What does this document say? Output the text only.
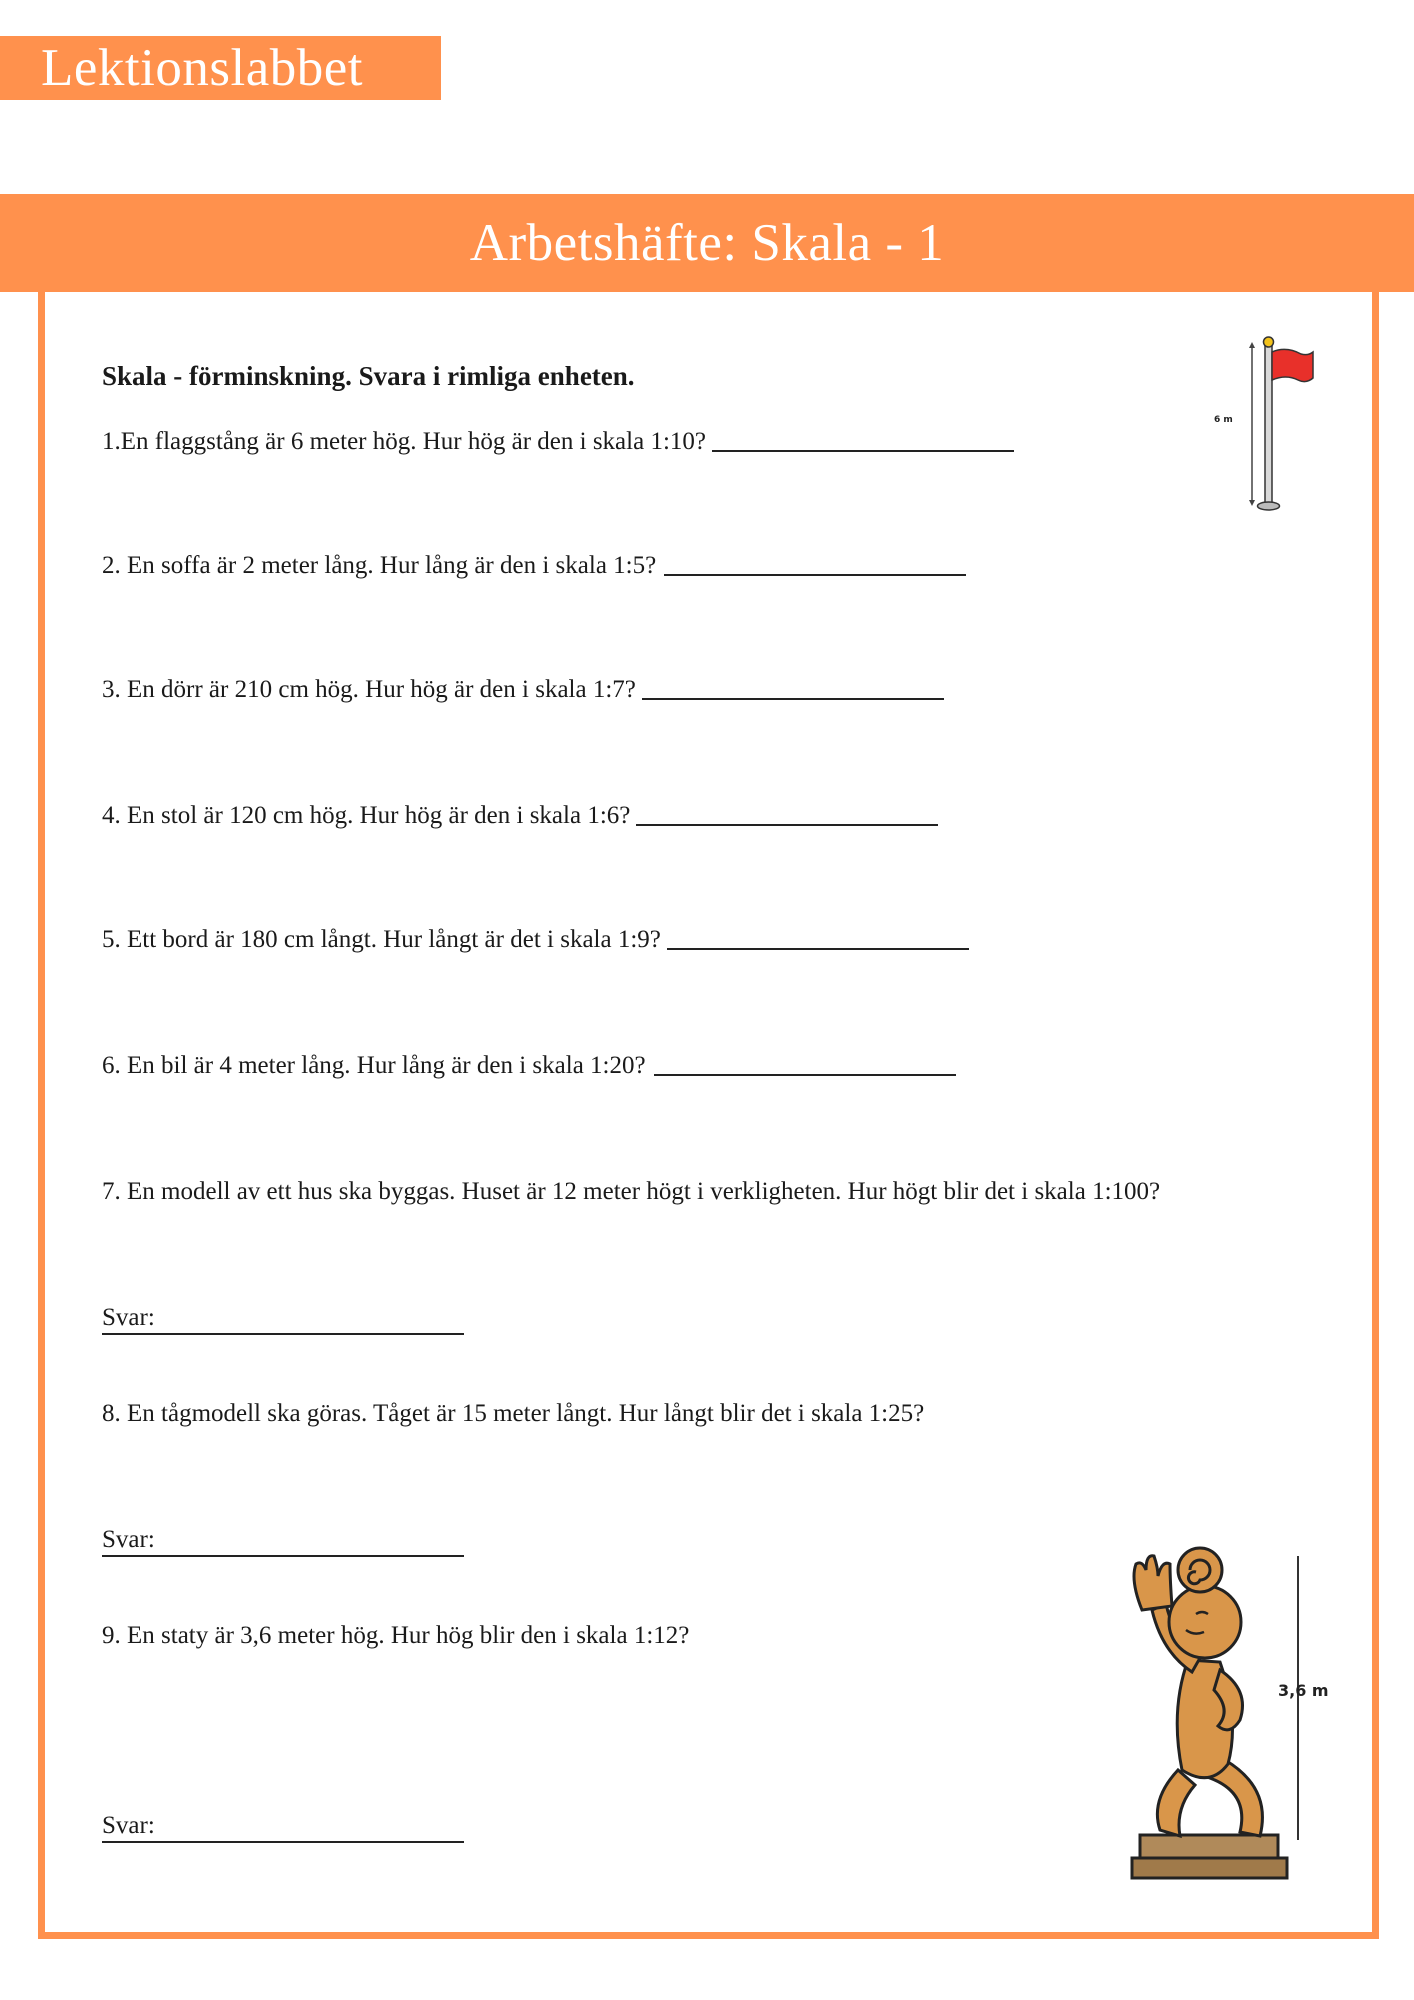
Lektionslabbet
Arbetshäfte: Skala - 1
Skala - förminskning. Svara i rimliga enheten.
1.En flaggstång är 6 meter hög. Hur hög är den i skala 1:10?
2. En soffa är 2 meter lång. Hur lång är den i skala 1:5?
3. En dörr är 210 cm hög. Hur hög är den i skala 1:7?
4. En stol är 120 cm hög. Hur hög är den i skala 1:6?
5. Ett bord är 180 cm långt. Hur långt är det i skala 1:9?
6. En bil är 4 meter lång. Hur lång är den i skala 1:20?
7. En modell av ett hus ska byggas. Huset är 12 meter högt i verkligheten. Hur högt blir det i skala 1:100?
Svar:
8. En tågmodell ska göras. Tåget är 15 meter långt. Hur långt blir det i skala 1:25?
Svar:
9. En staty är 3,6 meter hög. Hur hög blir den i skala 1:12?
Svar:
6 m
3,6 m
